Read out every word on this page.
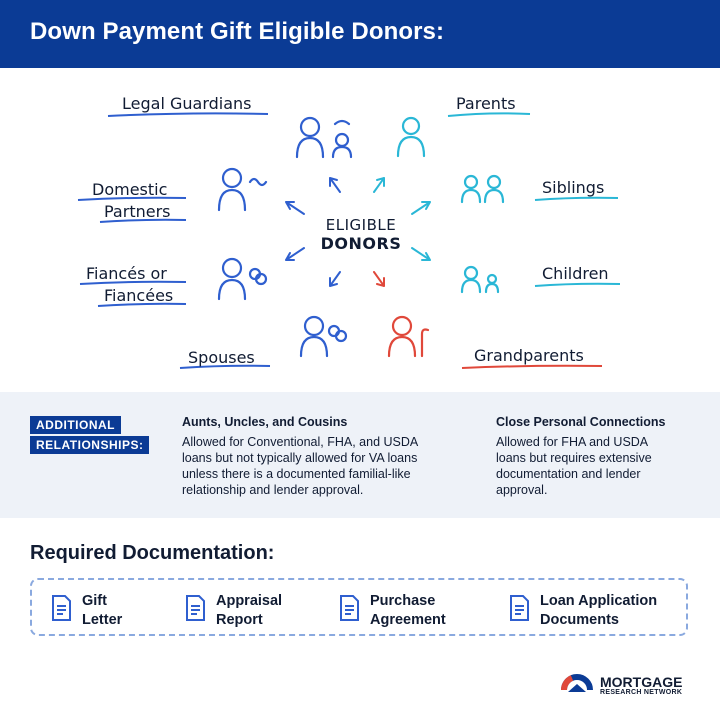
Down Payment Gift Eligible Donors:
Legal Guardians	Parents
Domestic
Partners
Siblings
Fiancés or
Fiancées
Children
Spouses	Grandparents
ELIGIBLE
DONORS
ADDITIONAL
RELATIONSHIPS:
Aunts, Uncles, and Cousins
Allowed for Conventional, FHA, and USDA
loans but not typically allowed for VA loans
unless there is a documented familial-like
relationship and lender approval.
Close Personal Connections
Allowed for FHA and USDA
loans but requires extensive
documentation and lender
approval.
Required Documentation:
Gift
Letter
Appraisal
Report
Purchase
Agreement
Loan Application
Documents
MORTGAGE
RESEARCH NETWORK
